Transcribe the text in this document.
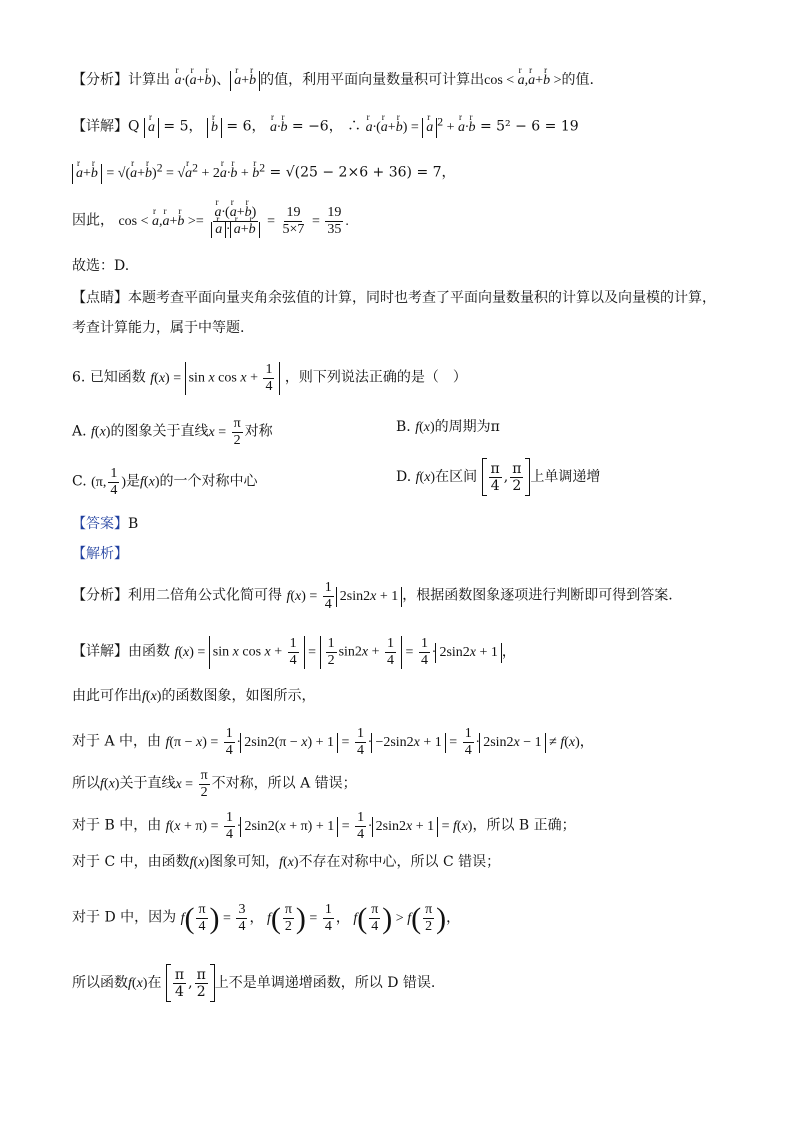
【分析】计算出 r a·(r a+r b)、 r a+r b 的值，利用平面向量数量积可计算出cos < r a,r a+r b >的值.
【详解】Q r a = 5， r b = 6， r a·r b = −6， ∴ r a·(r a+r b) = r a $^2$ + r a·r b = 5² − 6 = 19
r a+r b = √(r a+r b)$^2$ = √r $a^2 + 2r$ a·r b + r $b^2 = √(25 - 2\times 6 + 36) = 7$，
因此， cos < r a,r a+r b >= r a·(r a+r b)
r a · r a+r $b = \frac{19}{5\times 7} = \frac{19}{35}$ .
故选：D.
【点睛】本题考查平面向量夹角余弦值的计算，同时也考查了平面向量数量积的计算以及向量模的计算，
考查计算能力，属于中等题.
6. 已知函数 f(x) = sin x $\cos x + \frac{1}{4}$ ，则下列说法正确的是（　）
A. f(x)的图象关于直线$x = \frac{\pi}{2}$ 对称	B. f(x)的周期为π
C. (π, $\frac{1}{4}$ )是f(x)的一个对称中心	D. f(x)在区间 $\frac{\pi}{4}$ , $\frac{\pi}{2}$ 上单调递增
【答案】B
【解析】
【分析】利用二倍角公式化简可得 $f(x) = \frac{1}{4} 2\sin 2x + 1$ ，根据函数图象逐项进行判断即可得到答案.
【详解】由函数 f(x) = sin x $\cos x + \frac{1}{4} = \frac{1}{2} \sin 2x + \frac{1}{4} = \frac{1}{4} \cdot 2\sin 2x + 1$ ，
由此可作出f(x)的函数图象，如图所示，
对于 A 中，由 $f(\pi - x) = \frac{1}{4} \cdot 2\sin 2(\pi - x) + 1 = \frac{1}{4} \cdot -2\sin 2x + 1 = \frac{1}{4} \cdot 2\sin 2x - 1 \ne f(x)$，
所以f(x)关于直线$x = \frac{\pi}{2}$ 不对称，所以 A 错误；
对于 B 中，由 $f(x + \pi) = \frac{1}{4} \cdot 2\sin 2(x + \pi) + 1 = \frac{1}{4} \cdot 2\sin 2x + 1 = f(x)$，所以 B 正确；
对于 C 中，由函数f(x)图象可知，f(x)不存在对称中心，所以 C 错误；
对于 D 中，因为 $f( \frac{\pi}{4}$ ) = $\frac{3}{4}$ ， $f( \frac{\pi}{2}$ ) = $\frac{1}{4}$ ， $f( \frac{\pi}{4}$ ) > $f( \frac{\pi}{2}$ )，
所以函数f(x)在 $\frac{\pi}{4}$ , $\frac{\pi}{2}$ 上不是单调递增函数，所以 D 错误.
